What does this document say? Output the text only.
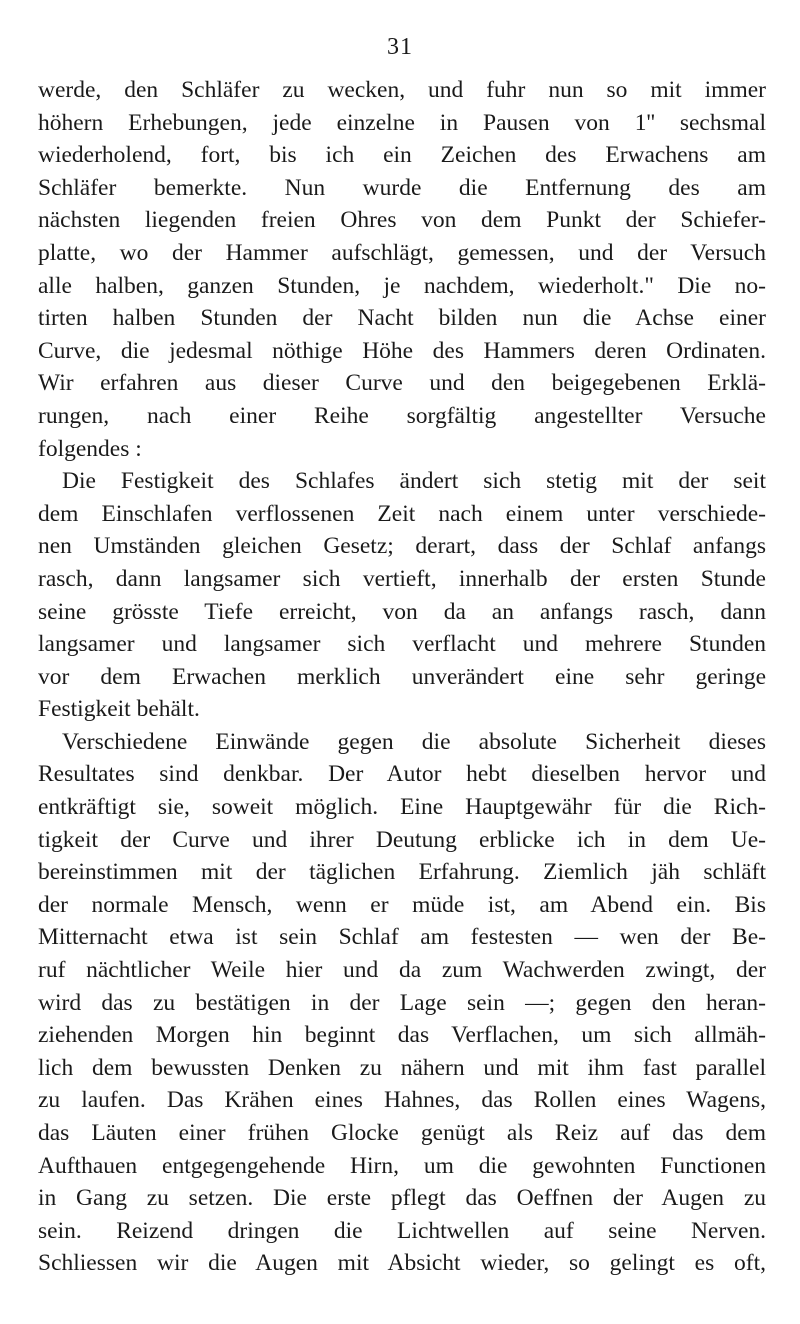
31
werde, den Schläfer zu wecken, und fuhr nun so mit immer
höhern Erhebungen, jede einzelne in Pausen von 1'' sechsmal
wiederholend, fort, bis ich ein Zeichen des Erwachens am
Schläfer bemerkte. Nun wurde die Entfernung des am
nächsten liegenden freien Ohres von dem Punkt der Schiefer-
platte, wo der Hammer aufschlägt, gemessen, und der Versuch
alle halben, ganzen Stunden, je nachdem, wiederholt." Die no-
tirten halben Stunden der Nacht bilden nun die Achse einer
Curve, die jedesmal nöthige Höhe des Hammers deren Ordinaten.
Wir erfahren aus dieser Curve und den beigegebenen Erklä-
rungen, nach einer Reihe sorgfältig angestellter Versuche
folgendes :
Die Festigkeit des Schlafes ändert sich stetig mit der seit
dem Einschlafen verflossenen Zeit nach einem unter verschiede-
nen Umständen gleichen Gesetz; derart, dass der Schlaf anfangs
rasch, dann langsamer sich vertieft, innerhalb der ersten Stunde
seine grösste Tiefe erreicht, von da an anfangs rasch, dann
langsamer und langsamer sich verflacht und mehrere Stunden
vor dem Erwachen merklich unverändert eine sehr geringe
Festigkeit behält.
Verschiedene Einwände gegen die absolute Sicherheit dieses
Resultates sind denkbar. Der Autor hebt dieselben hervor und
entkräftigt sie, soweit möglich. Eine Hauptgewähr für die Rich-
tigkeit der Curve und ihrer Deutung erblicke ich in dem Ue-
bereinstimmen mit der täglichen Erfahrung. Ziemlich jäh schläft
der normale Mensch, wenn er müde ist, am Abend ein. Bis
Mitternacht etwa ist sein Schlaf am festesten — wen der Be-
ruf nächtlicher Weile hier und da zum Wachwerden zwingt, der
wird das zu bestätigen in der Lage sein —; gegen den heran-
ziehenden Morgen hin beginnt das Verflachen, um sich allmäh-
lich dem bewussten Denken zu nähern und mit ihm fast parallel
zu laufen. Das Krähen eines Hahnes, das Rollen eines Wagens,
das Läuten einer frühen Glocke genügt als Reiz auf das dem
Aufthauen entgegengehende Hirn, um die gewohnten Functionen
in Gang zu setzen. Die erste pflegt das Oeffnen der Augen zu
sein. Reizend dringen die Lichtwellen auf seine Nerven.
Schliessen wir die Augen mit Absicht wieder, so gelingt es oft,
